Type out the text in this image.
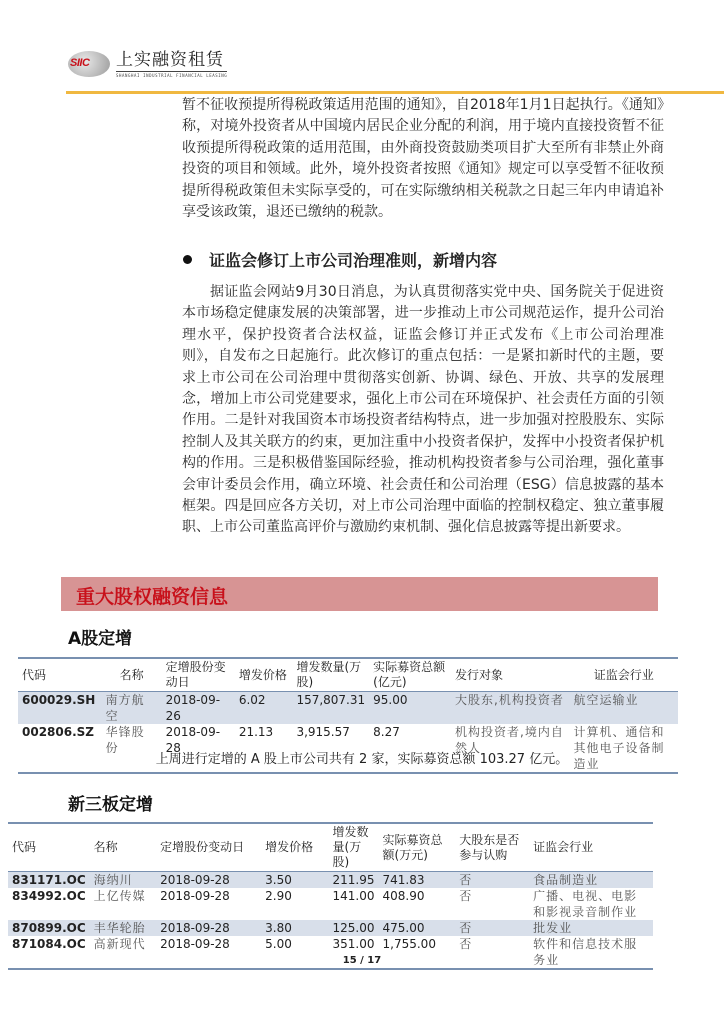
SIIC 上实融资租赁
SHANGHAI INDUSTRIAL FINANCIAL LEASING
暂不征收预提所得税政策适用范围的通知》，自2018年1月1日起执行。《通知》称，对境外投资者从中国境内居民企业分配的利润，用于境内直接投资暂不征收预提所得税政策的适用范围，由外商投资鼓励类项目扩大至所有非禁止外商投资的项目和领域。此外，境外投资者按照《通知》规定可以享受暂不征收预提所得税政策但未实际享受的，可在实际缴纳相关税款之日起三年内申请追补享受该政策，退还已缴纳的税款。
证监会修订上市公司治理准则，新增内容
据证监会网站9月30日消息，为认真贯彻落实党中央、国务院关于促进资本市场稳定健康发展的决策部署，进一步推动上市公司规范运作，提升公司治理水平，保护投资者合法权益，证监会修订并正式发布《上市公司治理准则》，自发布之日起施行。此次修订的重点包括：一是紧扣新时代的主题，要求上市公司在公司治理中贯彻落实创新、协调、绿色、开放、共享的发展理念，增加上市公司党建要求，强化上市公司在环境保护、社会责任方面的引领作用。二是针对我国资本市场投资者结构特点，进一步加强对控股股东、实际控制人及其关联方的约束，更加注重中小投资者保护，发挥中小投资者保护机构的作用。三是积极借鉴国际经验，推动机构投资者参与公司治理，强化董事会审计委员会作用，确立环境、社会责任和公司治理（ESG）信息披露的基本框架。四是回应各方关切，对上市公司治理中面临的控制权稳定、独立董事履职、上市公司董监高评价与激励约束机制、强化信息披露等提出新要求。
重大股权融资信息
A股定增
代码	名称	定增股份变动日	增发价格	增发数量(万股)	实际募资总额(亿元)	发行对象	证监会行业
600029.SH	南方航空	2018-09-26	6.02	157,807.31	95.00	大股东,机构投资者	航空运输业
002806.SZ	华锋股份	2018-09-28	21.13	3,915.57	8.27	机构投资者,境内自然人	计算机、通信和其他电子设备制造业
上周进行定增的 A 股上市公司共有 2 家，实际募资总额 103.27 亿元。
新三板定增
代码	名称	定增股份变动日	增发价格	增发数量(万股)	实际募资总额(万元)	大股东是否参与认购	证监会行业
831171.OC	海纳川	2018-09-28	3.50	211.95	741.83	否	食品制造业
834992.OC	上亿传媒	2018-09-28	2.90	141.00	408.90	否	广播、电视、电影和影视录音制作业
870899.OC	丰华轮胎	2018-09-28	3.80	125.00	475.00	否	批发业
871084.OC	高新现代	2018-09-28	5.00	351.00	1,755.00	否	软件和信息技术服务业
15 / 17
